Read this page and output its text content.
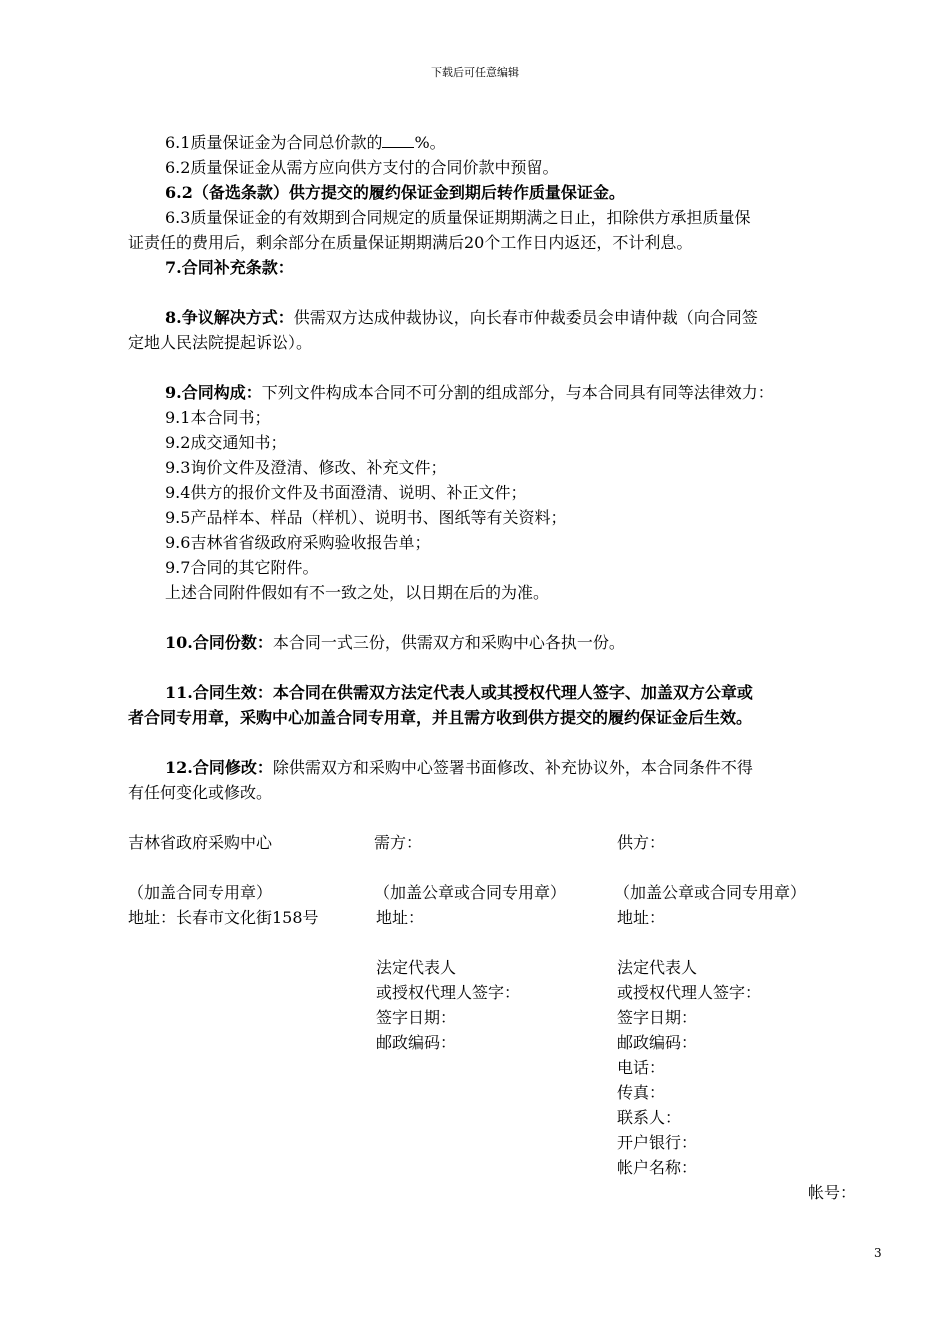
下载后可任意编辑
6.1质量保证金为合同总价款的 %。
6.2质量保证金从需方应向供方支付的合同价款中预留。
6.2（备选条款）供方提交的履约保证金到期后转作质量保证金。
6.3质量保证金的有效期到合同规定的质量保证期期满之日止，扣除供方承担质量保
证责任的费用后，剩余部分在质量保证期期满后20个工作日内返还，不计利息。
7.合同补充条款：
8.争议解决方式：供需双方达成仲裁协议，向长春市仲裁委员会申请仲裁（向合同签
定地人民法院提起诉讼）。
9.合同构成：下列文件构成本合同不可分割的组成部分，与本合同具有同等法律效力：
9.1本合同书；
9.2成交通知书；
9.3询价文件及澄清、修改、补充文件；
9.4供方的报价文件及书面澄清、说明、补正文件；
9.5产品样本、样品（样机）、说明书、图纸等有关资料；
9.6吉林省省级政府采购验收报告单；
9.7合同的其它附件。
上述合同附件假如有不一致之处，以日期在后的为准。
10.合同份数：本合同一式三份，供需双方和采购中心各执一份。
11.合同生效：本合同在供需双方法定代表人或其授权代理人签字、加盖双方公章或
者合同专用章，采购中心加盖合同专用章，并且需方收到供方提交的履约保证金后生效。
12.合同修改：除供需双方和采购中心签署书面修改、补充协议外，本合同条件不得
有任何变化或修改。
吉林省政府采购中心
（加盖合同专用章）
地址：长春市文化街158号
需方：
（加盖公章或合同专用章）
地址：
法定代表人
或授权代理人签字：
签字日期：
邮政编码：
供方：
（加盖公章或合同专用章）
地址：
法定代表人
或授权代理人签字：
签字日期：
邮政编码：
电话：
传真：
联系人：
开户银行：
帐户名称：
帐号：
3
